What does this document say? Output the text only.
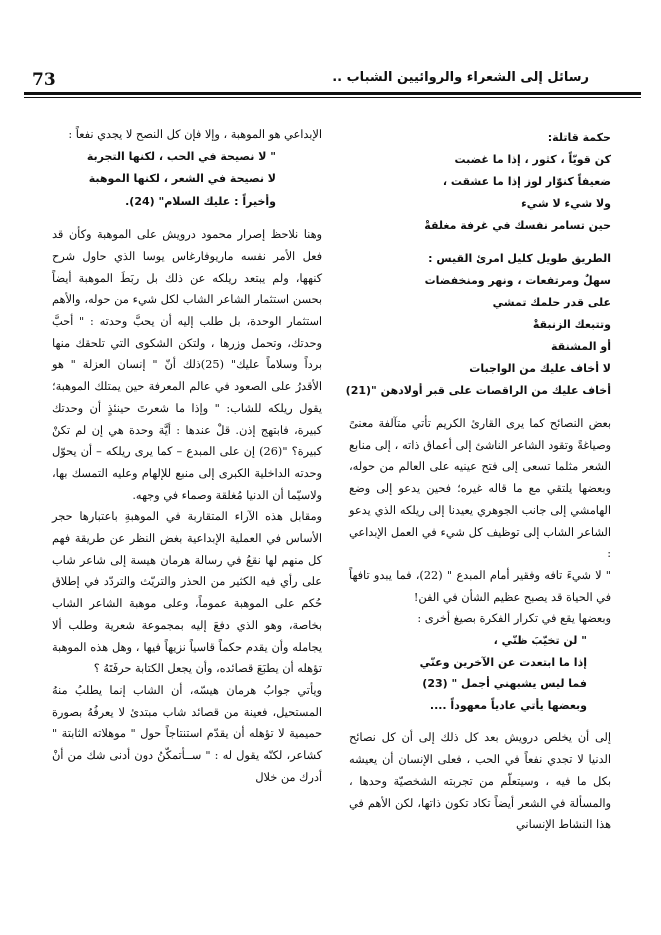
73	رسائل إلى الشعراء والروائيين الشباب ..
حكمة قاتلة:
كن قويّاً ، كثور ، إذا ما غضبت
ضعيفاً كنوّار لوز إذا ما عشقت ،
ولا شيء لا شيء
حين تسامر نفسك في غرفة مغلقةْ
الطريق طويل كليل امرئ القيس :
سهلٌ ومرتفعات ، ونهر ومنخفضات
على قدر حلمك تمشي
وتتبعك الزنبقةْ
أو المشنقة
لا أخاف عليك من الواجبات
أخاف عليك من الراقصات على قبر أولادهن "(21)

بعض النصائح كما يرى القارئ الكريم تأتي متآلفة معنىً وصياغةً وتقود الشاعر الناشئ إلى أعماق ذاته ، إلى منابع الشعر مثلما تسعى إلى فتح عينيه على العالم من حوله، وبعضها يلتقي مع ما قاله غيره؛ فحين يدعو إلى وضع الهامشي إلى جانب الجوهري يعيدنا إلى ريلكه الذي يدعو الشاعر الشاب إلى توظيف كل شيء في العمل الإبداعي :

" لا شيءَ تافه وفقير أمام المبدع " (22)، فما يبدو تافهاً في الحياة قد يصبح عظيم الشأن في الفن!

وبعضها يقع في تكرار الفكرة بصيغ أخرى :

" لن تخيّبَ ظنّي ،
إذا ما ابتعدت عن الآخرين وعنّي
فما ليس يشبهني أجمل " (23)
وبعضها يأتي عادياً معهوداً ....

إلى أن يخلص درويش بعد كل ذلك إلى أن كل نصائح الدنيا لا تجدي نفعاً في الحب ، فعلى الإنسان أن يعيشه بكل ما فيه ، وسيتعلّم من تجربته الشخصيّة وحدها ، والمسألة في الشعر أيضاً تكاد تكون ذاتها، لكن الأهم في هذا النشاط الإنساني

الإبداعي هو الموهبة ، وإلا فإن كل النصح لا يجدي نفعاً :

" لا نصيحة في الحب ، لكنها التجربة
لا نصيحة في الشعر ، لكنها الموهبة
وأخيراً : عليك السلام" (24).

وهنا نلاحظ إصرار محمود درويش على الموهبة وكأن قد فعل الأمر نفسه ماريوفارغاس يوسا الذي حاول شرح كنهها، ولم يبتعد ريلكه عن ذلك بل ربَطَ الموهبة أيضاً بحسن استثمار الشاعر الشاب لكل شيء من حوله، والأهم استثمار الوحدة، بل طلب إليه أن يحبَّ وحدته : " أحبَّ وحدتك، وتحمل وزرها ، ولتكن الشكوى التي تلحقك منها برداً وسلاماً عليك" (25)ذلك أنّ " إنسان العزلة " هو الأقدرُ على الصعود في عالم المعرفة حين يمتلك الموهبة؛ يقول ريلكه للشاب: " وإذا ما شعرتَ حينئذٍ أن وحدتك كبيرة، فابتهج إذن. قلْ عندها : أيَّة وحدة هي إن لم تكنْ كبيرة؟ "(26) إن على المبدع – كما يرى ريلكه – أن يحوّل وحدته الداخلية الكبرى إلى منبع للإلهام وعليه التمسك بها، ولاسيّما أن الدنيا مُغلقة وصماء في وجهه.

ومقابل هذه الآراء المتقاربة في الموهبةِ باعتبارها حجر الأساس في العملية الإبداعية بغض النظر عن طريقة فهم كل منهم لها نقعُ في رسالة هرمان هيسة إلى شاعر شاب على رأي فيه الكثير من الحذر والتريّث والتردّد في إطلاق حُكم على الموهبة عموماً، وعلى موهبة الشاعر الشاب بخاصة، وهو الذي دفعَ إليه بمجموعة شعرية وطلب ألا يجامله وأن يقدم حكماً قاسياً نزيهاً فيها ، وهل هذه الموهبة تؤهله أن يطبَعَ قصائده، وأن يجعل الكتابة حرفَتَهُ ؟

ويأتي جوابُ هرمان هيسّه، أن الشاب إنما يطلبُ منهُ المستحيل، فعينة من قصائد شاب مبتدئ لا يعرفُهُ بصورة حميمية لا تؤهله أن يقدّم استنتاجاً حول " موهلاته الثابتة " كشاعر، لكنّه يقول له : " ســأتمكّنُ دون أدنى شك من أنْ أدرك من خلال
